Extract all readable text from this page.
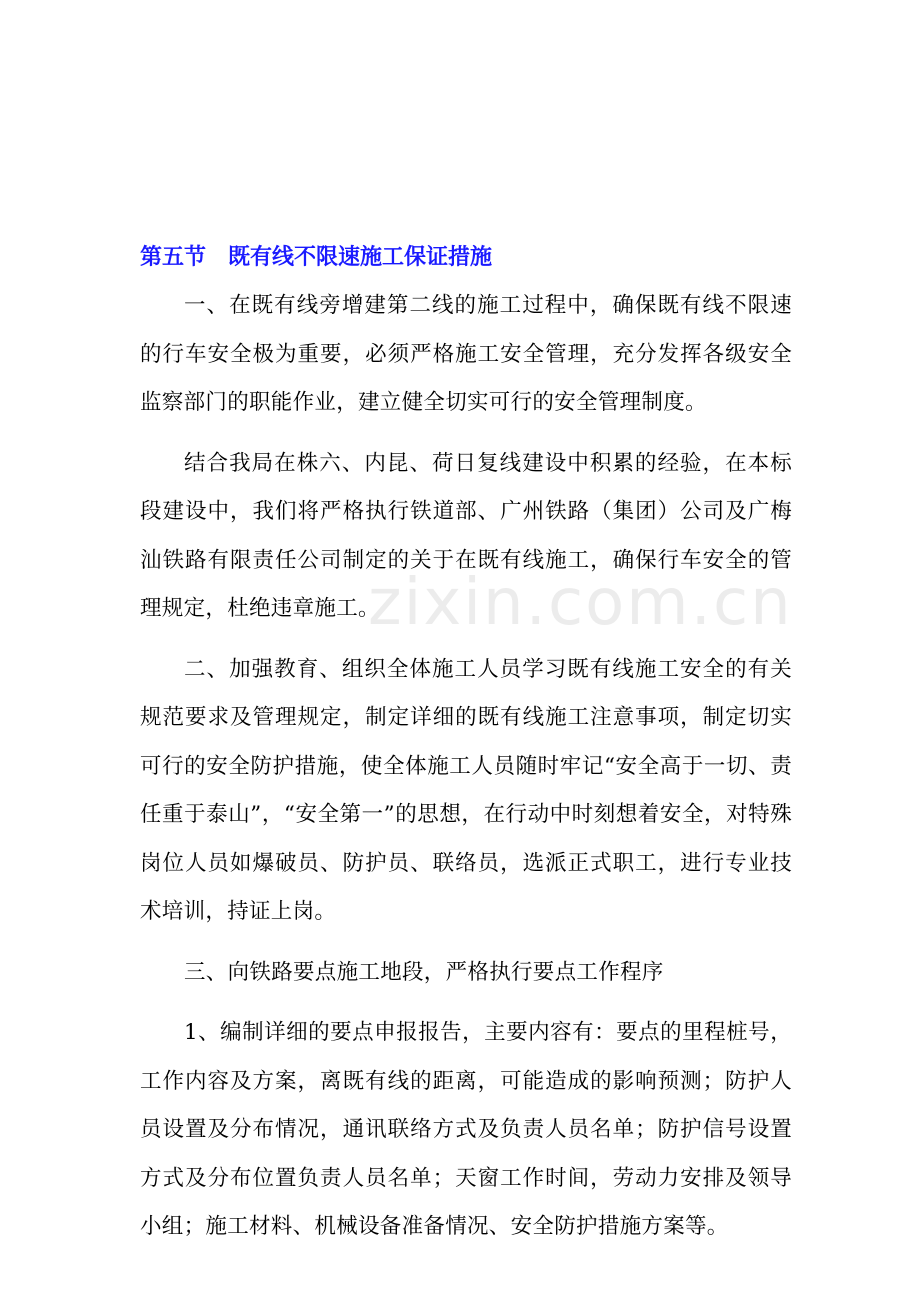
zixin.com.cn
第五节　既有线不限速施工保证措施

一、在既有线旁增建第二线的施工过程中，确保既有线不限速的行车安全极为重要，必须严格施工安全管理，充分发挥各级安全监察部门的职能作业，建立健全切实可行的安全管理制度。

结合我局在株六、内昆、荷日复线建设中积累的经验，在本标段建设中，我们将严格执行铁道部、广州铁路（集团）公司及广梅汕铁路有限责任公司制定的关于在既有线施工，确保行车安全的管理规定，杜绝违章施工。

二、加强教育、组织全体施工人员学习既有线施工安全的有关规范要求及管理规定，制定详细的既有线施工注意事项，制定切实可行的安全防护措施，使全体施工人员随时牢记“安全高于一切、责任重于泰山”，“安全第一”的思想，在行动中时刻想着安全，对特殊岗位人员如爆破员、防护员、联络员，选派正式职工，进行专业技术培训，持证上岗。

三、向铁路要点施工地段，严格执行要点工作程序

1、编制详细的要点申报报告，主要内容有：要点的里程桩号，工作内容及方案，离既有线的距离，可能造成的影响预测；防护人员设置及分布情况，通讯联络方式及负责人员名单；防护信号设置方式及分布位置负责人员名单；天窗工作时间，劳动力安排及领导小组；施工材料、机械设备准备情况、安全防护措施方案等。
